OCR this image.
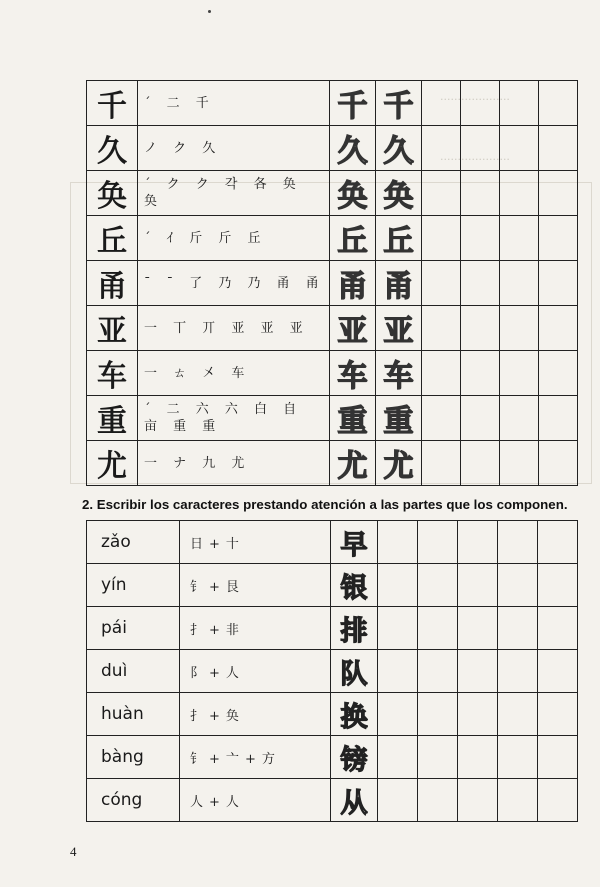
....................
....................
千	ˊ 二 千	千	千				
久	ノ ク 久	久	久				
奂	ˊ ク ク 각 各 奂 奂	奂	奂				
丘	ˊ ｲ 斤 斤 丘	丘	丘				
甬	ˉ ˉ 了 乃 乃 甬 甬	甬	甬				
亚	一 丅 丌 亚 亚 亚	亚	亚				
车	一 ㄊ 㐅 车	车	车				
重	ˊ 二 六 六 白 自 亩 重 重	重	重				
尤	一 ナ 九 尤	尤	尤				
2. Escribir los caracteres prestando atención a las partes que los componen.
zǎo	日 + 十	早					
yín	钅 + 艮	银					
pái	扌 + 非	排					
duì	阝 + 人	队					
huàn	扌 + 奂	换					
bàng	钅 + 亠 + 方	镑					
cóng	人 + 人	从					
4
